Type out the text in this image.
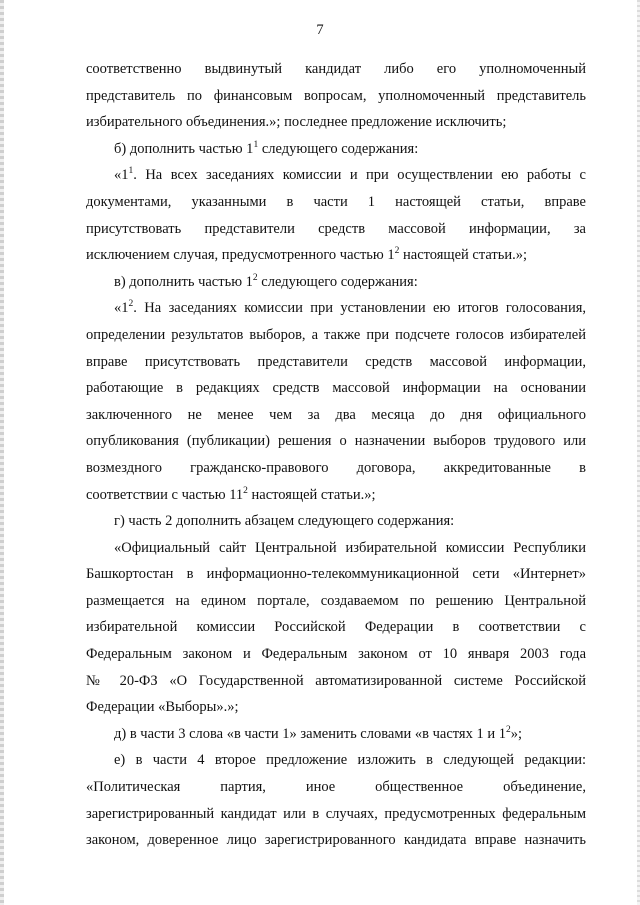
7

соответственно выдвинутый кандидат либо его уполномоченный

представитель по финансовым вопросам, уполномоченный представитель

избирательного объединения.»; последнее предложение исключить;

б) дополнить частью $1^1$ следующего содержания:

«$1^1$. На всех заседаниях комиссии и при осуществлении ею работы с

документами, указанными в части 1 настоящей статьи, вправе

присутствовать представители средств массовой информации, за

исключением случая, предусмотренного частью $1^2$ настоящей статьи.»;

в) дополнить частью $1^2$ следующего содержания:

«$1^2$. На заседаниях комиссии при установлении ею итогов голосования,

определении результатов выборов, а также при подсчете голосов избирателей

вправе присутствовать представители средств массовой информации,

работающие в редакциях средств массовой информации на основании

заключенного не менее чем за два месяца до дня официального

опубликования (публикации) решения о назначении выборов трудового или

возмездного гражданско-правового договора, аккредитованные в

соответствии с частью $11^2$ настоящей статьи.»;

г) часть 2 дополнить абзацем следующего содержания:

«Официальный сайт Центральной избирательной комиссии Республики

Башкортостан в информационно-телекоммуникационной сети «Интернет»

размещается на едином портале, создаваемом по решению Центральной

избирательной комиссии Российской Федерации в соответствии с

Федеральным законом и Федеральным законом от 10 января 2003 года

№ 20-ФЗ «О Государственной автоматизированной системе Российской

Федерации «Выборы».»;

д) в части 3 слова «в части 1» заменить словами «в частях 1 и $1^2$»;

е) в части 4 второе предложение изложить в следующей редакции:

«Политическая партия, иное общественное объединение,

зарегистрированный кандидат или в случаях, предусмотренных федеральным

законом, доверенное лицо зарегистрированного кандидата вправе назначить
